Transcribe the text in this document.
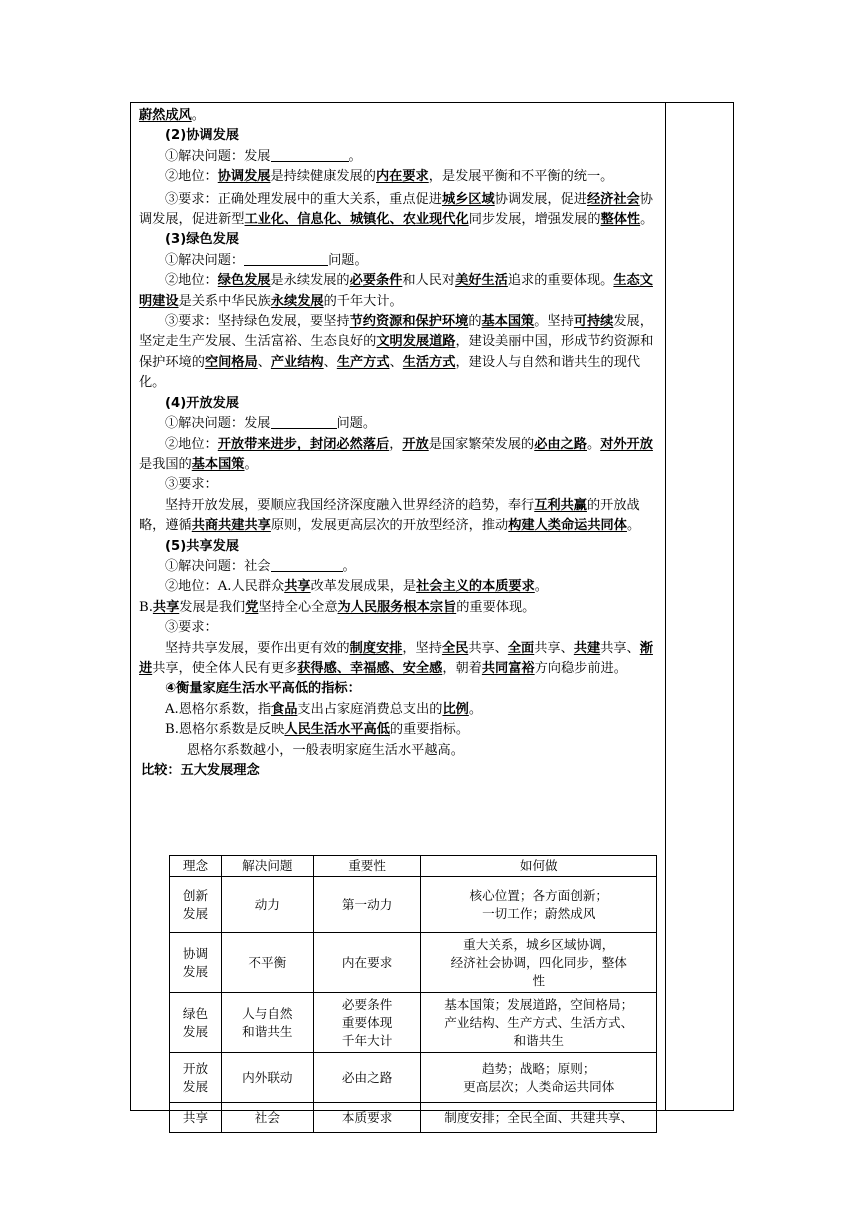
蔚然成风。

(2)协调发展

①解决问题：发展	。

②地位：协调发展是持续健康发展的内在要求，是发展平衡和不平衡的统一。

③要求：正确处理发展中的重大关系，重点促进城乡区域协调发展，促进经济社会协调发展，促进新型工业化、信息化、城镇化、农业现代化同步发展，增强发展的整体性。

(3)绿色发展

①解决问题：	问题。

②地位：绿色发展是永续发展的必要条件和人民对美好生活追求的重要体现。生态文明建设是关系中华民族永续发展的千年大计。

③要求：坚持绿色发展，要坚持节约资源和保护环境的基本国策。坚持可持续发展，坚定走生产发展、生活富裕、生态良好的文明发展道路，建设美丽中国，形成节约资源和保护环境的空间格局、产业结构、生产方式、生活方式，建设人与自然和谐共生的现代化。

(4)开放发展

①解决问题：发展	问题。

②地位：开放带来进步，封闭必然落后，开放是国家繁荣发展的必由之路。对外开放是我国的基本国策。

③要求：

坚持开放发展，要顺应我国经济深度融入世界经济的趋势，奉行互利共赢的开放战略，遵循共商共建共享原则，发展更高层次的开放型经济，推动构建人类命运共同体。

(5)共享发展

①解决问题：社会	。

②地位：A.人民群众共享改革发展成果，是社会主义的本质要求。

B.共享发展是我们党坚持全心全意为人民服务根本宗旨的重要体现。

③要求：

坚持共享发展，要作出更有效的制度安排，坚持全民共享、全面共享、共建共享、渐进共享，使全体人民有更多获得感、幸福感、安全感，朝着共同富裕方向稳步前进。

④衡量家庭生活水平高低的指标：

A.恩格尔系数，指食品支出占家庭消费总支出的比例。

B.恩格尔系数是反映人民生活水平高低的重要指标。

恩格尔系数越小，一般表明家庭生活水平越高。

比较：五大发展理念

理念	解决问题	重要性	如何做
创新
发展	动力	第一动力	核心位置；各方面创新；
一切工作；蔚然成风
协调
发展	不平衡	内在要求	重大关系，城乡区域协调，
经济社会协调，四化同步，整体
性
绿色
发展	人与自然
和谐共生	必要条件
重要体现
千年大计	基本国策；发展道路，空间格局；
产业结构、生产方式、生活方式、
和谐共生
开放
发展	内外联动	必由之路	趋势；战略；原则；
更高层次；人类命运共同体
共享	社会	本质要求	制度安排；全民全面、共建共享、
